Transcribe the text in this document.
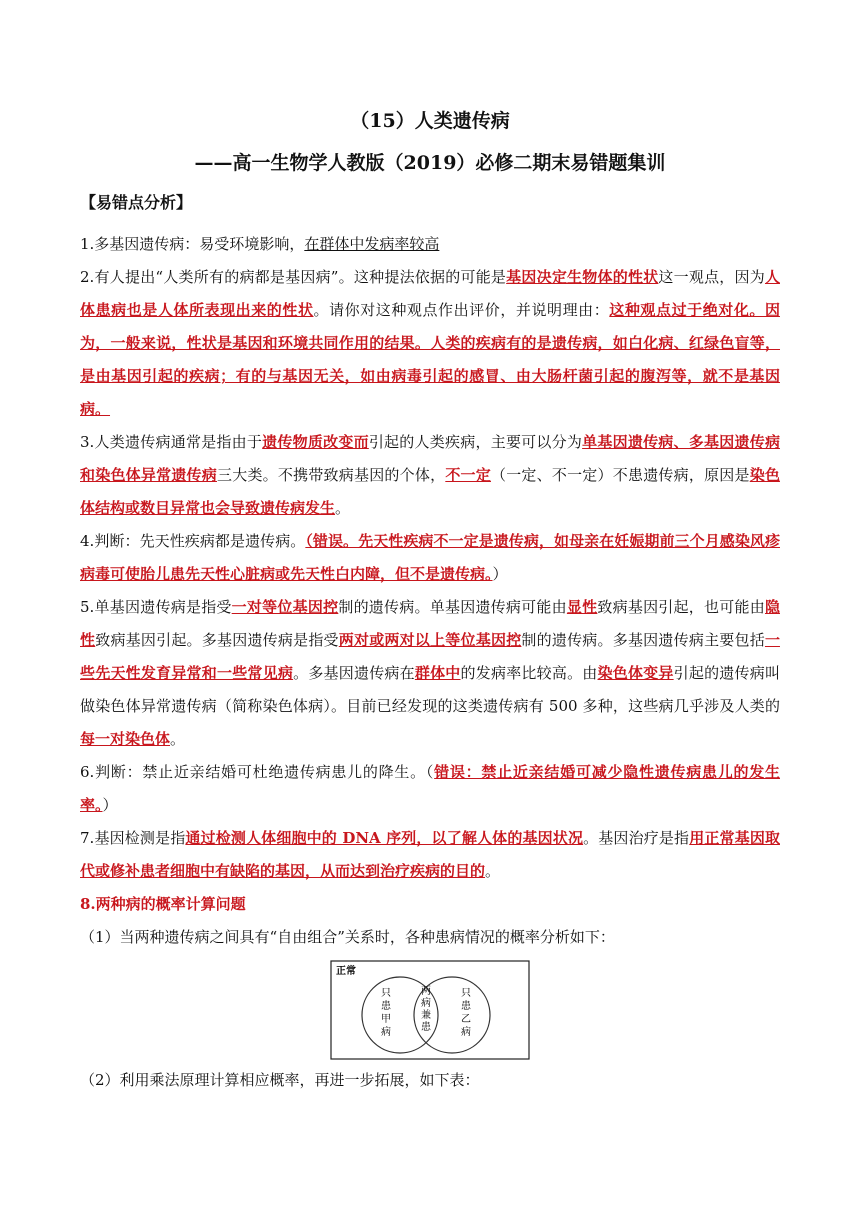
（15）人类遗传病
——高一生物学人教版（2019）必修二期末易错题集训
【易错点分析】

1.多基因遗传病：易受环境影响，在群体中发病率较高

2.有人提出“人类所有的病都是基因病”。这种提法依据的可能是基因决定生物体的性状这一观点，因为人体患病也是人体所表现出来的性状。请你对这种观点作出评价，并说明理由：这种观点过于绝对化。因为，一般来说，性状是基因和环境共同作用的结果。人类的疾病有的是遗传病，如白化病、红绿色盲等，是由基因引起的疾病；有的与基因无关，如由病毒引起的感冒、由大肠杆菌引起的腹泻等，就不是基因病。

3.人类遗传病通常是指由于遗传物质改变而引起的人类疾病，主要可以分为单基因遗传病、多基因遗传病和染色体异常遗传病三大类。不携带致病基因的个体，不一定（一定、不一定）不患遗传病，原因是染色体结构或数目异常也会导致遗传病发生。

4.判断：先天性疾病都是遗传病。（错误。先天性疾病不一定是遗传病，如母亲在妊娠期前三个月感染风疹病毒可使胎儿患先天性心脏病或先天性白内障，但不是遗传病。）

5.单基因遗传病是指受一对等位基因控制的遗传病。单基因遗传病可能由显性致病基因引起，也可能由隐性致病基因引起。多基因遗传病是指受两对或两对以上等位基因控制的遗传病。多基因遗传病主要包括一些先天性发育异常和一些常见病。多基因遗传病在群体中的发病率比较高。由染色体变异引起的遗传病叫做染色体异常遗传病（简称染色体病）。目前已经发现的这类遗传病有 500 多种，这些病几乎涉及人类的每一对染色体。

6.判断：禁止近亲结婚可杜绝遗传病患儿的降生。（错误：禁止近亲结婚可减少隐性遗传病患儿的发生率。）

7.基因检测是指通过检测人体细胞中的 DNA 序列，以了解人体的基因状况。基因治疗是指用正常基因取代或修补患者细胞中有缺陷的基因，从而达到治疗疾病的目的。

8.两种病的概率计算问题

（1）当两种遗传病之间具有“自由组合”关系时，各种患病情况的概率分析如下：

正常
只
患
甲
病
两
病
兼
患
只
患
乙
病

（2）利用乘法原理计算相应概率，再进一步拓展，如下表：
